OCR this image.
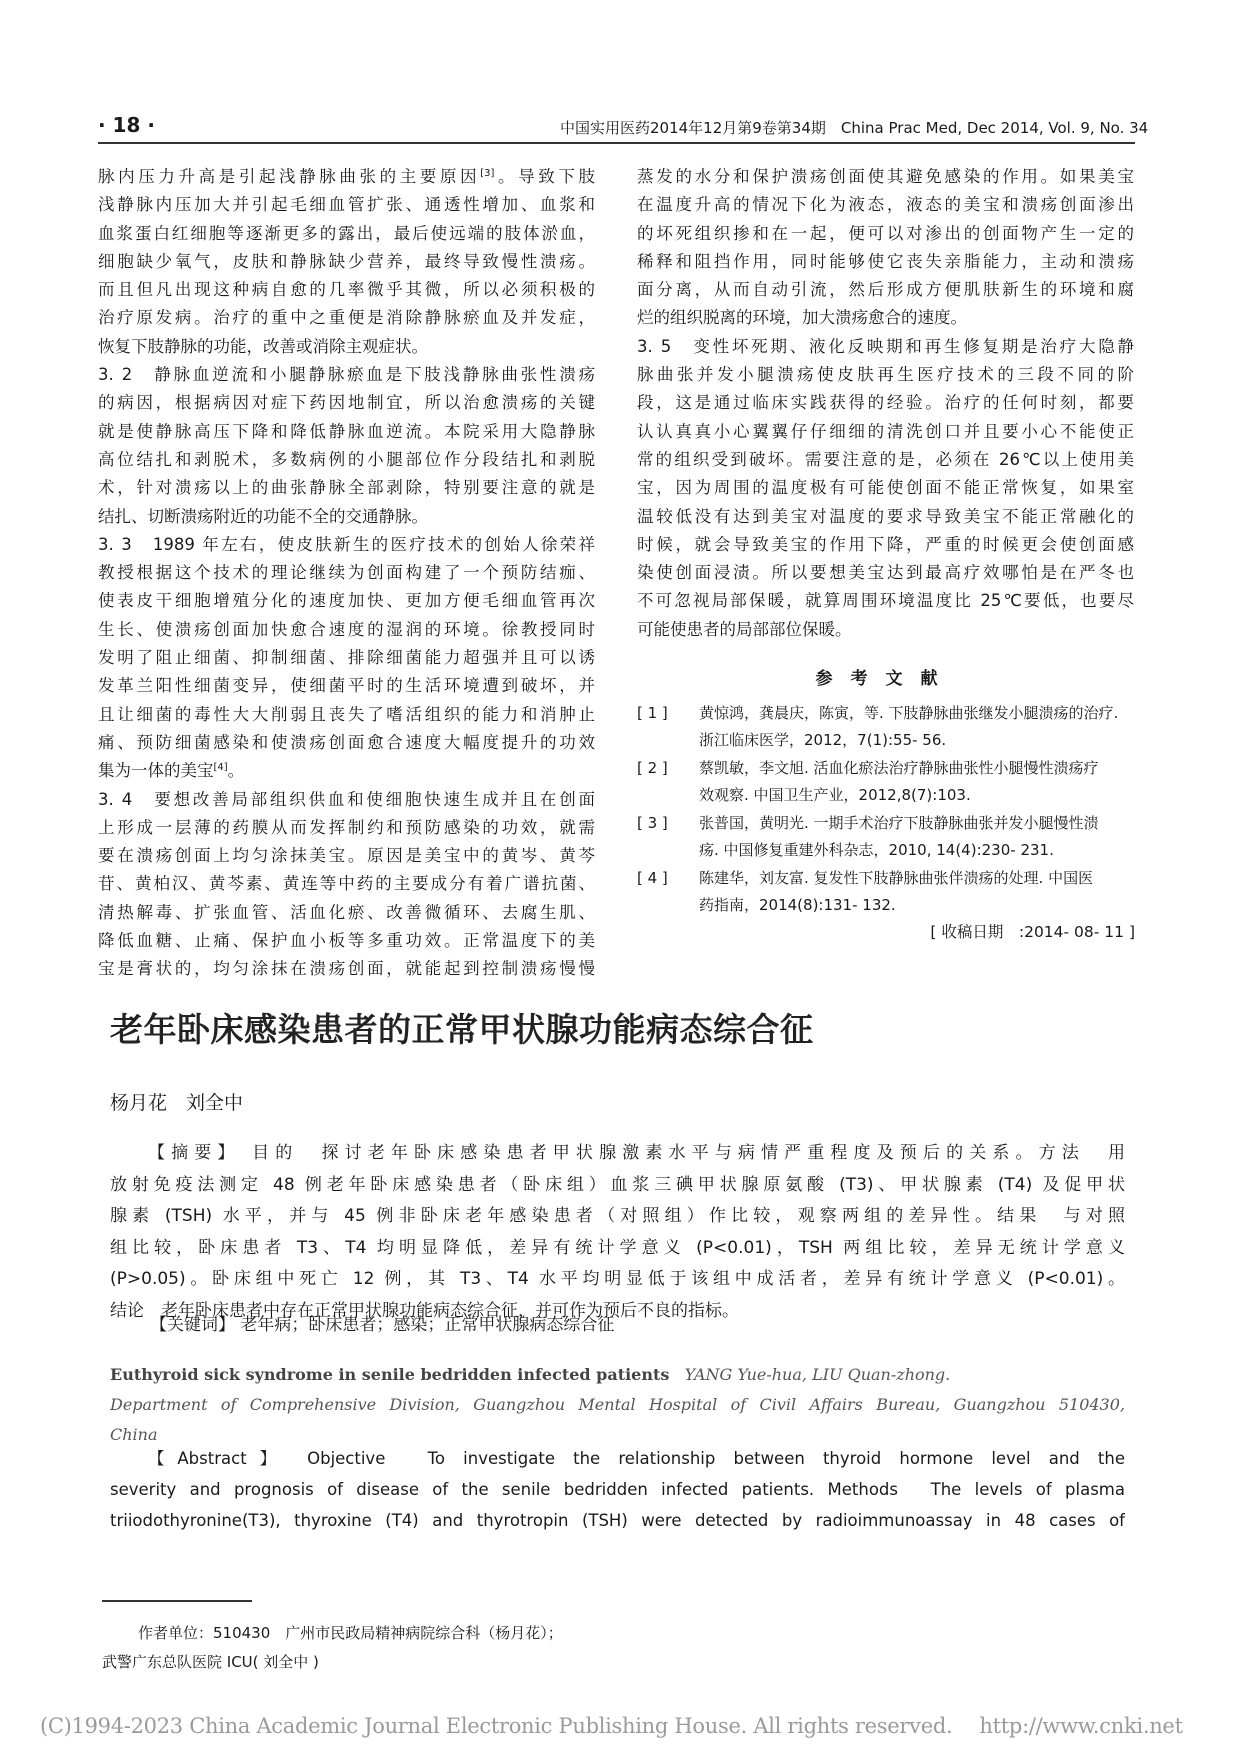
· 18 ·	中国实用医药2014年12月第9卷第34期　China Prac Med, Dec 2014, Vol. 9, No. 34
脉内压力升高是引起浅静脉曲张的主要原因[3]。导致下肢
浅静脉内压加大并引起毛细血管扩张、通透性增加、血浆和
血浆蛋白红细胞等逐渐更多的露出，最后使远端的肢体淤血，
细胞缺少氧气，皮肤和静脉缺少营养，最终导致慢性溃疡。
而且但凡出现这种病自愈的几率微乎其微，所以必须积极的
治疗原发病。治疗的重中之重便是消除静脉瘀血及并发症，
恢复下肢静脉的功能，改善或消除主观症状。
3. 2　静脉血逆流和小腿静脉瘀血是下肢浅静脉曲张性溃疡
的病因，根据病因对症下药因地制宜，所以治愈溃疡的关键
就是使静脉高压下降和降低静脉血逆流。本院采用大隐静脉
高位结扎和剥脱术，多数病例的小腿部位作分段结扎和剥脱
术，针对溃疡以上的曲张静脉全部剥除，特别要注意的就是
结扎、切断溃疡附近的功能不全的交通静脉。
3. 3　1989 年左右，使皮肤新生的医疗技术的创始人徐荣祥
教授根据这个技术的理论继续为创面构建了一个预防结痂、
使表皮干细胞增殖分化的速度加快、更加方便毛细血管再次
生长、使溃疡创面加快愈合速度的湿润的环境。徐教授同时
发明了阻止细菌、抑制细菌、排除细菌能力超强并且可以诱
发革兰阳性细菌变异，使细菌平时的生活环境遭到破坏，并
且让细菌的毒性大大削弱且丧失了嗜活组织的能力和消肿止
痛、预防细菌感染和使溃疡创面愈合速度大幅度提升的功效
集为一体的美宝[4]。
3. 4　要想改善局部组织供血和使细胞快速生成并且在创面
上形成一层薄的药膜从而发挥制约和预防感染的功效，就需
要在溃疡创面上均匀涂抹美宝。原因是美宝中的黄岑、黄芩
苷、黄柏汉、黄芩素、黄连等中药的主要成分有着广谱抗菌、
清热解毒、扩张血管、活血化瘀、改善微循环、去腐生肌、
降低血糖、止痛、保护血小板等多重功效。正常温度下的美
宝是膏状的，均匀涂抹在溃疡创面，就能起到控制溃疡慢慢
蒸发的水分和保护溃疡创面使其避免感染的作用。如果美宝
在温度升高的情况下化为液态，液态的美宝和溃疡创面渗出
的坏死组织掺和在一起，便可以对渗出的创面物产生一定的
稀释和阻挡作用，同时能够使它丧失亲脂能力，主动和溃疡
面分离，从而自动引流，然后形成方便肌肤新生的环境和腐
烂的组织脱离的环境，加大溃疡愈合的速度。
3. 5　变性坏死期、液化反映期和再生修复期是治疗大隐静
脉曲张并发小腿溃疡使皮肤再生医疗技术的三段不同的阶
段，这是通过临床实践获得的经验。治疗的任何时刻，都要
认认真真小心翼翼仔仔细细的清洗创口并且要小心不能使正
常的组织受到破坏。需要注意的是，必须在 26℃以上使用美
宝，因为周围的温度极有可能使创面不能正常恢复，如果室
温较低没有达到美宝对温度的要求导致美宝不能正常融化的
时候，就会导致美宝的作用下降，严重的时候更会使创面感
染使创面浸渍。所以要想美宝达到最高疗效哪怕是在严冬也
不可忽视局部保暖，就算周围环境温度比 25℃要低，也要尽
可能使患者的局部部位保暖。
参考文献
[ 1 ]	黄惊鸿，龚晨庆，陈寅，等. 下肢静脉曲张继发小腿溃疡的治疗.
浙江临床医学，2012，7(1):55- 56.
[ 2 ]	蔡凯敏，李文旭. 活血化瘀法治疗静脉曲张性小腿慢性溃疡疗
效观察. 中国卫生产业，2012,8(7):103.
[ 3 ]	张普国，黄明光. 一期手术治疗下肢静脉曲张并发小腿慢性溃
疡. 中国修复重建外科杂志，2010, 14(4):230- 231.
[ 4 ]	陈建华，刘友富. 复发性下肢静脉曲张伴溃疡的处理. 中国医
药指南，2014(8):131- 132.
[ 收稿日期　:2014- 08- 11 ]
老年卧床感染患者的正常甲状腺功能病态综合征
杨月花　刘全中
【摘要】 目的　探讨老年卧床感染患者甲状腺激素水平与病情严重程度及预后的关系。方法　用
放射免疫法测定 48 例老年卧床感染患者（卧床组）血浆三碘甲状腺原氨酸 (T3)、甲状腺素 (T4) 及促甲状
腺素 (TSH) 水平，并与 45 例非卧床老年感染患者（对照组）作比较，观察两组的差异性。结果　与对照
组比较，卧床患者 T3、T4 均明显降低，差异有统计学意义 (P<0.01)，TSH 两组比较，差异无统计学意义
(P>0.05)。卧床组中死亡 12 例，其 T3、T4 水平均明显低于该组中成活者，差异有统计学意义 (P<0.01)。
结论　老年卧床患者中存在正常甲状腺功能病态综合征，并可作为预后不良的指标。
【关键词】 老年病；卧床患者；感染；正常甲状腺病态综合征
Euthyroid sick syndrome in senile bedridden infected patients YANG Yue-hua, LIU Quan-zhong.
Department of Comprehensive Division, Guangzhou Mental Hospital of Civil Affairs Bureau, Guangzhou 510430,
China
【Abstract】 Objective　To investigate the relationship between thyroid hormone level and the
severity and prognosis of disease of the senile bedridden infected patients. Methods　The levels of plasma
triiodothyronine(T3), thyroxine (T4) and thyrotropin (TSH) were detected by radioimmunoassay in 48 cases of
作者单位：510430　广州市民政局精神病院综合科（杨月花）；
武警广东总队医院 ICU( 刘全中 )
(C)1994-2023 China Academic Journal Electronic Publishing House. All rights reserved.　 http://www.cnki.net
